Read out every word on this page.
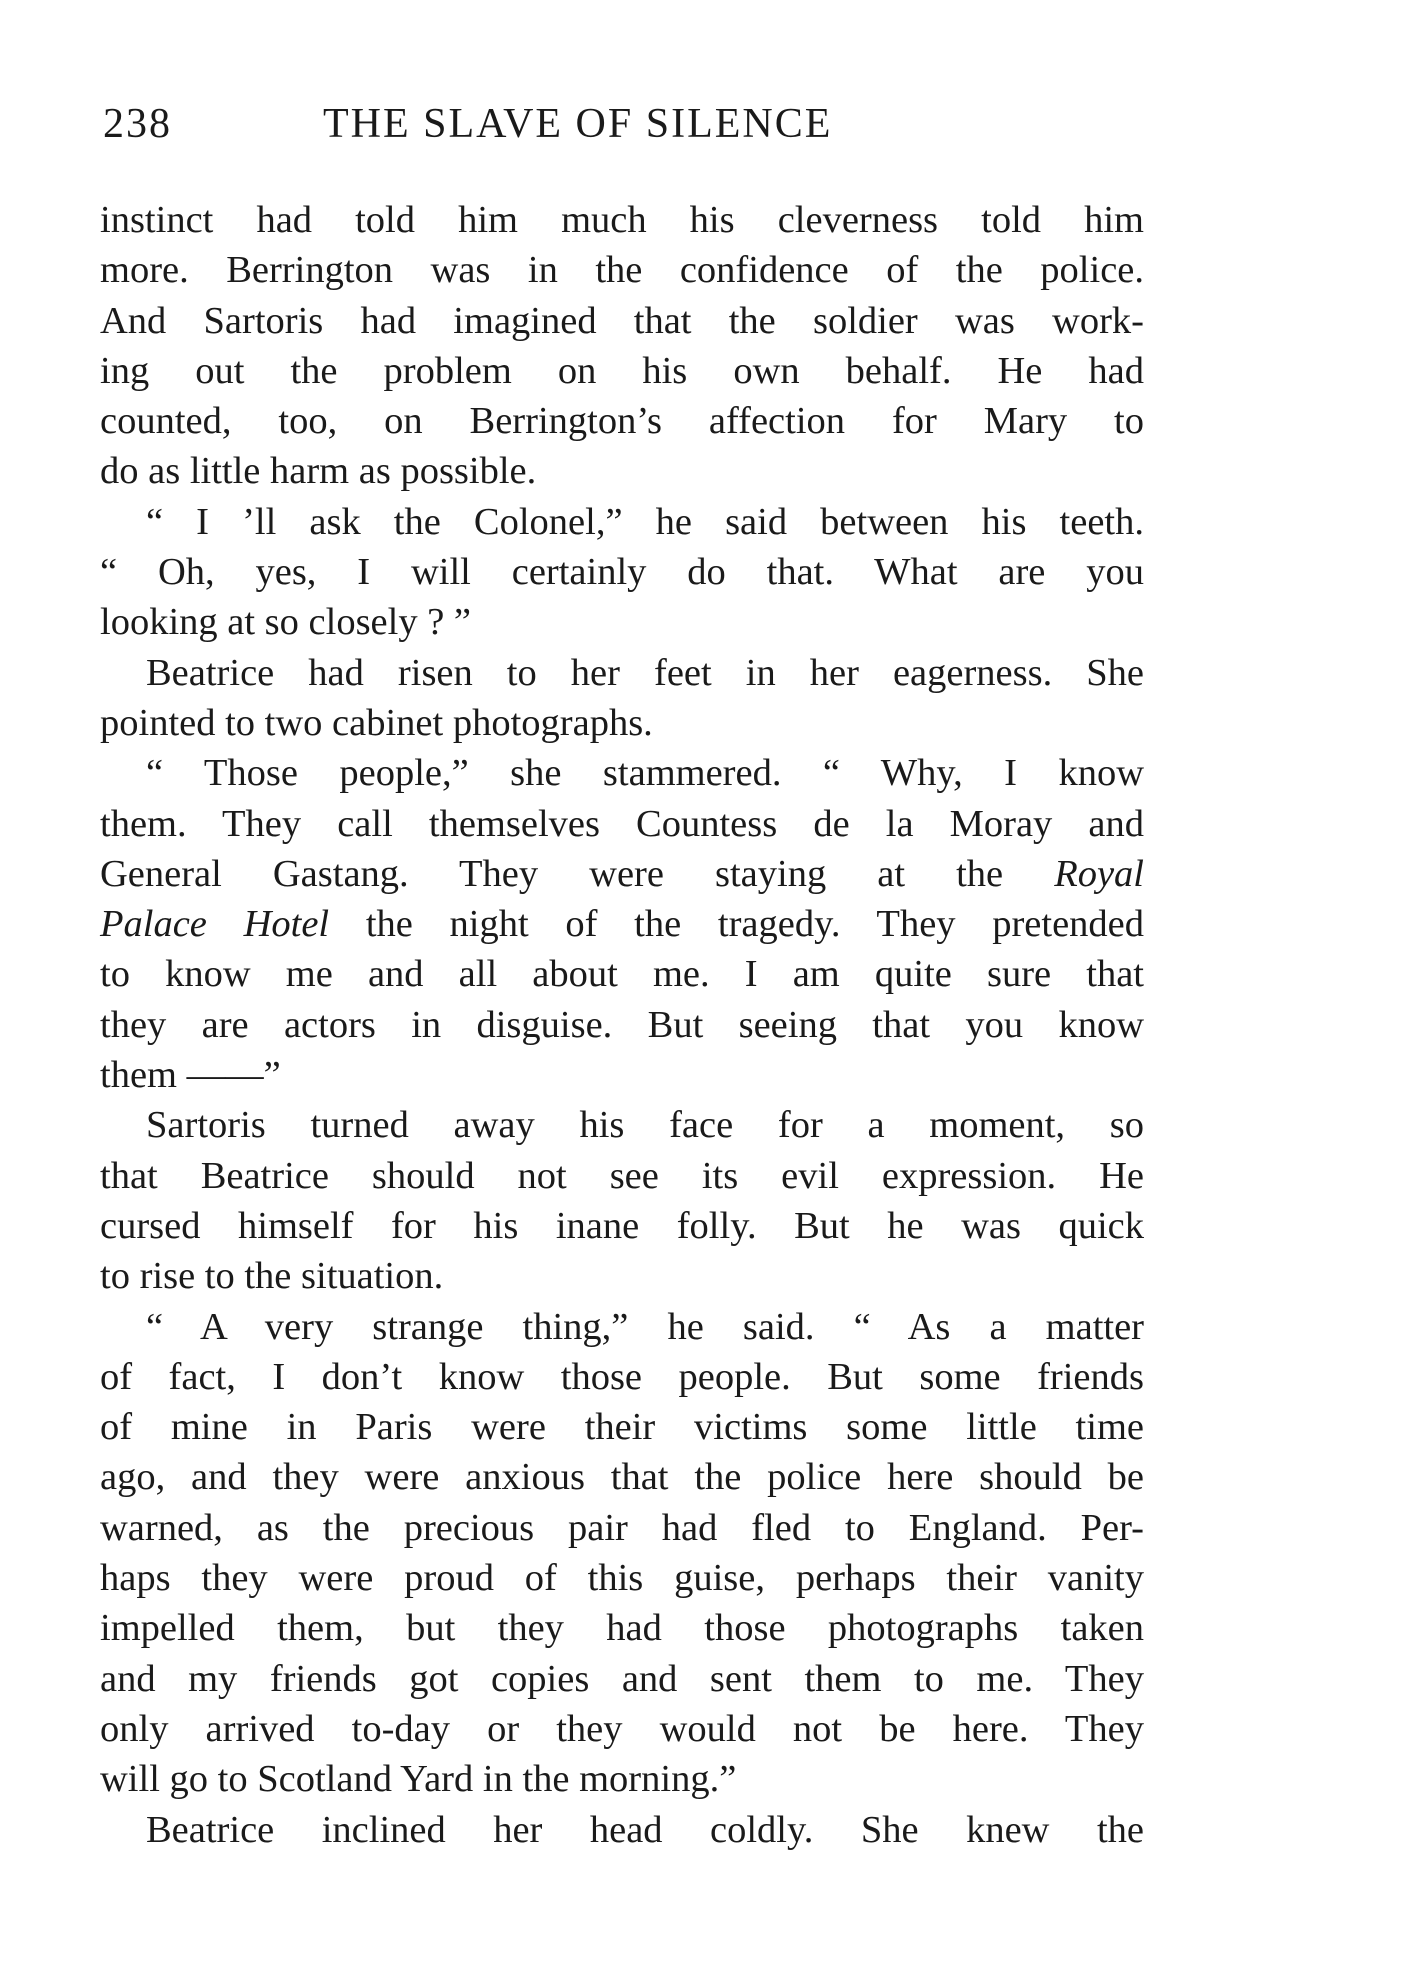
238	THE SLAVE OF SILENCE
instinct had told him much his cleverness told him
more. Berrington was in the confidence of the police.
And Sartoris had imagined that the soldier was work-
ing out the problem on his own behalf. He had
counted, too, on Berrington’s affection for Mary to
do as little harm as possible.
“ I ’ll ask the Colonel,” he said between his teeth.
“ Oh, yes, I will certainly do that. What are you
looking at so closely ? ”
Beatrice had risen to her feet in her eagerness. She
pointed to two cabinet photographs.
“ Those people,” she stammered. “ Why, I know
them. They call themselves Countess de la Moray and
General Gastang. They were staying at the Royal
Palace Hotel the night of the tragedy. They pretended
to know me and all about me. I am quite sure that
they are actors in disguise. But seeing that you know
them ——”
Sartoris turned away his face for a moment, so
that Beatrice should not see its evil expression. He
cursed himself for his inane folly. But he was quick
to rise to the situation.
“ A very strange thing,” he said. “ As a matter
of fact, I don’t know those people. But some friends
of mine in Paris were their victims some little time
ago, and they were anxious that the police here should be
warned, as the precious pair had fled to England. Per-
haps they were proud of this guise, perhaps their vanity
impelled them, but they had those photographs taken
and my friends got copies and sent them to me. They
only arrived to-day or they would not be here. They
will go to Scotland Yard in the morning.”
Beatrice inclined her head coldly. She knew the
